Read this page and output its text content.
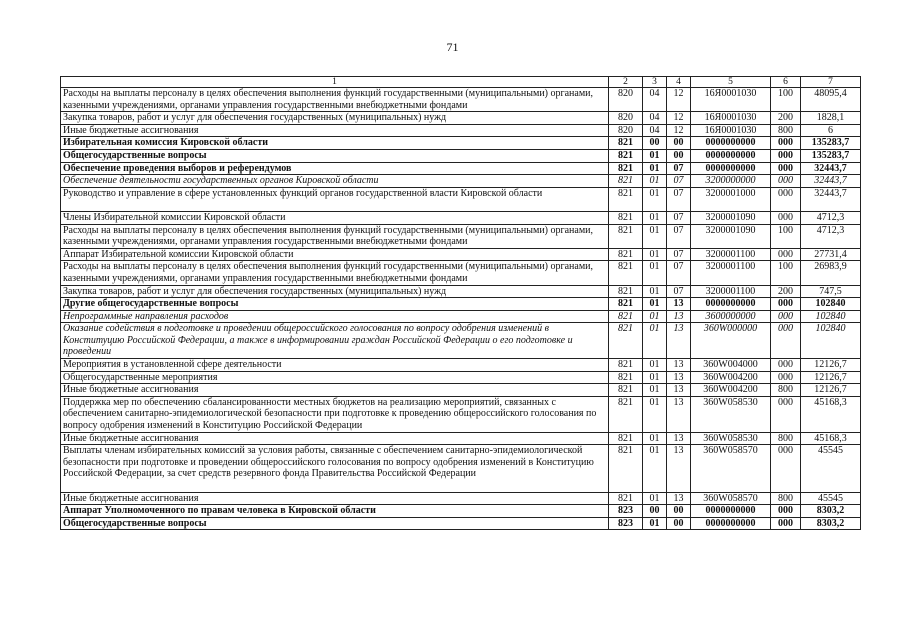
71
1	2	3	4	5	6	7
Расходы на выплаты персоналу в целях обеспечения выполнения функций государственными (муниципальными) органами, казенными учреждениями, органами управления государственными внебюджетными фондами	820	04	12	16Я0001030	100	48095,4
Закупка товаров, работ и услуг для обеспечения государственных (муниципальных) нужд	820	04	12	16Я0001030	200	1828,1
Иные бюджетные ассигнования	820	04	12	16Я0001030	800	6
Избирательная комиссия Кировской области	821	00	00	0000000000	000	135283,7
Общегосударственные вопросы	821	01	00	0000000000	000	135283,7
Обеспечение проведения выборов и референдумов	821	01	07	0000000000	000	32443,7
Обеспечение деятельности государственных органов Кировской области	821	01	07	3200000000	000	32443,7
Руководство и управление в сфере установленных функций органов государственной власти Кировской области	821	01	07	3200001000	000	32443,7
Члены Избирательной комиссии Кировской области	821	01	07	3200001090	000	4712,3
Расходы на выплаты персоналу в целях обеспечения выполнения функций государственными (муниципальными) органами, казенными учреждениями, органами управления государственными внебюджетными фондами	821	01	07	3200001090	100	4712,3
Аппарат Избирательной комиссии Кировской области	821	01	07	3200001100	000	27731,4
Расходы на выплаты персоналу в целях обеспечения выполнения функций государственными (муниципальными) органами, казенными учреждениями, органами управления государственными внебюджетными фондами	821	01	07	3200001100	100	26983,9
Закупка товаров, работ и услуг для обеспечения государственных (муниципальных) нужд	821	01	07	3200001100	200	747,5
Другие общегосударственные вопросы	821	01	13	0000000000	000	102840
Непрограммные направления расходов	821	01	13	3600000000	000	102840
Оказание содействия в подготовке и проведении общероссийского голосования по вопросу одобрения изменений в Конституцию Российской Федерации, а также в информировании граждан Российской Федерации о его подготовке и проведении	821	01	13	360W000000	000	102840
Мероприятия в установленной сфере деятельности	821	01	13	360W004000	000	12126,7
Общегосударственные мероприятия	821	01	13	360W004200	000	12126,7
Иные бюджетные ассигнования	821	01	13	360W004200	800	12126,7
Поддержка мер по обеспечению сбалансированности местных бюджетов на реализацию мероприятий, связанных с обеспечением санитарно-эпидемиологической безопасности при подготовке к проведению общероссийского голосования по вопросу одобрения изменений в Конституцию Российской Федерации	821	01	13	360W058530	000	45168,3
Иные бюджетные ассигнования	821	01	13	360W058530	800	45168,3
Выплаты членам избирательных комиссий за условия работы, связанные с обеспечением санитарно-эпидемиологической безопасности при подготовке и проведении общероссийского голосования по вопросу одобрения изменений в Конституцию Российской Федерации, за счет средств резервного фонда Правительства Российской Федерации	821	01	13	360W058570	000	45545
Иные бюджетные ассигнования	821	01	13	360W058570	800	45545
Аппарат Уполномоченного по правам человека в Кировской области	823	00	00	0000000000	000	8303,2
Общегосударственные вопросы	823	01	00	0000000000	000	8303,2
